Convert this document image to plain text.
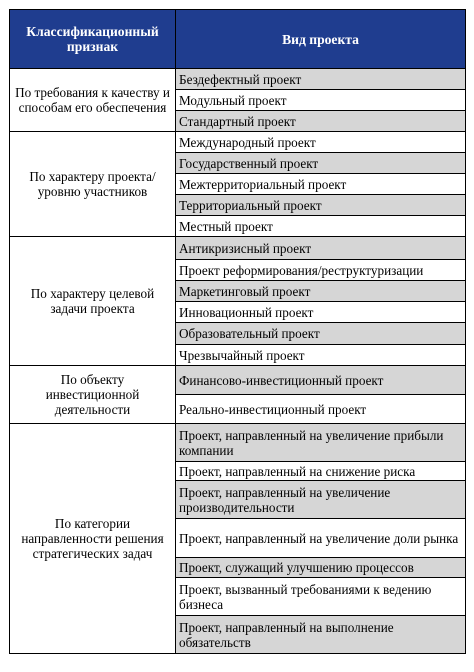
Классификационный признак	Вид проекта
По требования к качеству и способам его обеспечения	Бездефектный проект
	Модульный проект
	Стандартный проект
По характеру проекта/уровню участников	Международный проект
	Государственный проект
	Межтерриториальный проект
	Территориальный проект
	Местный проект
По характеру целевой задачи проекта	Антикризисный проект
	Проект реформирования/реструктуризации
	Маркетинговый проект
	Инновационный проект
	Образовательный проект
	Чрезвычайный проект
По объекту инвестиционной деятельности	Финансово-инвестиционный проект
	Реально-инвестиционный проект
По категории направленности решения стратегических задач	Проект, направленный на увеличение прибыли компании
	Проект, направленный на снижение риска
	Проект, направленный на увеличение производительности
	Проект, направленный на увеличение доли рынка
	Проект, служащий улучшению процессов
	Проект, вызванный требованиями к ведению бизнеса
	Проект, направленный на выполнение обязательств
